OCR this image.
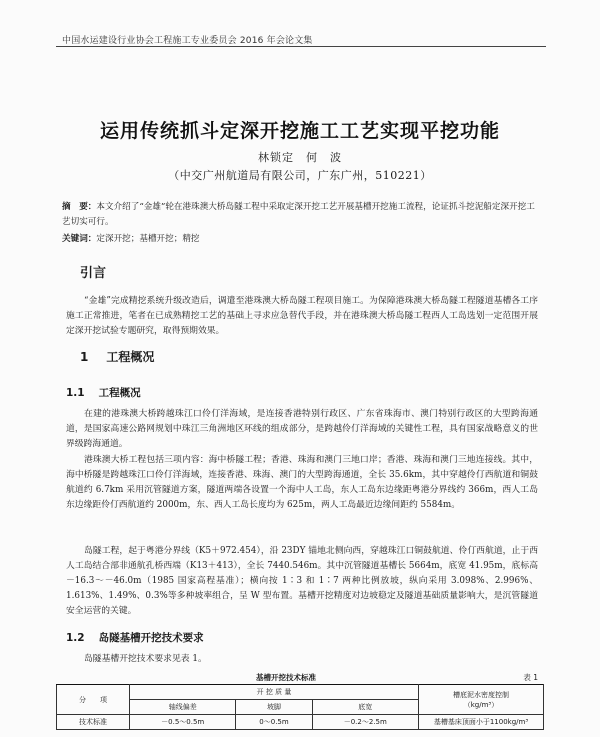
中国水运建设行业协会工程施工专业委员会 2016 年会论文集
运用传统抓斗定深开挖施工工艺实现平挖功能
林锁定　何　波
（中交广州航道局有限公司，广东广州，510221）
摘　要：本文介绍了“金雄”轮在港珠澳大桥岛隧工程中采取定深开挖工艺开展基槽开挖施工流程，论证抓斗挖泥船定深开挖工艺切实可行。
关键词：定深开挖；基槽开挖；精挖
引言

“金雄”完成精挖系统升级改造后，调遣至港珠澳大桥岛隧工程项目施工。为保障港珠澳大桥岛隧工程隧道基槽各工序施工正常推进，笔者在已成熟精挖工艺的基础上寻求应急替代手段，并在港珠澳大桥岛隧工程西人工岛选划一定范围开展定深开挖试验专题研究，取得预期效果。

1 工程概况
1.1 工程概况

在建的港珠澳大桥跨越珠江口伶仃洋海域，是连接香港特别行政区、广东省珠海市、澳门特别行政区的大型跨海通道，是国家高速公路网规划中珠江三角洲地区环线的组成部分，是跨越伶仃洋海域的关键性工程，具有国家战略意义的世界级跨海通道。

港珠澳大桥工程包括三项内容：海中桥隧工程；香港、珠海和澳门三地口岸；香港、珠海和澳门三地连接线。其中，海中桥隧是跨越珠江口伶仃洋海域，连接香港、珠海、澳门的大型跨海通道，全长 35.6km，其中穿越伶仃西航道和铜鼓航道约 6.7km 采用沉管隧道方案，隧道两端各设置一个海中人工岛，东人工岛东边缘距粤港分界线约 366m，西人工岛东边缘距伶仃西航道约 2000m，东、西人工岛长度均为 625m，两人工岛最近边缘间距约 5584m。

岛隧工程，起于粤港分界线（K5＋972.454），沿 23DY 锚地北侧向西，穿越珠江口铜鼓航道、伶仃西航道，止于西人工岛结合部非通航孔桥西端（K13＋413），全长 7440.546m。其中沉管隧道基槽长 5664m，底宽 41.95m，底标高－16.3～－46.0m（1985 国家高程基准）；横向按 1∶3 和 1∶7 两种比例放坡，纵向采用 3.098%、2.996%、1.613%、1.49%、0.3%等多种坡率组合，呈 W 型布置。基槽开挖精度对边坡稳定及隧道基础质量影响大，是沉管隧道安全运营的关键。

1.2 岛隧基槽开挖技术要求

岛隧基槽开挖技术要求见表 1。

基槽开挖技术标准	表 1
分　　项	开 挖 质 量			槽底泥水密度控制
（kg/m³）

	轴线偏差	坡脚	底宽	
技术标准	－0.5～0.5m	0～0.5m	－0.2～2.5m	基槽基床顶面小于1100kg/m³
